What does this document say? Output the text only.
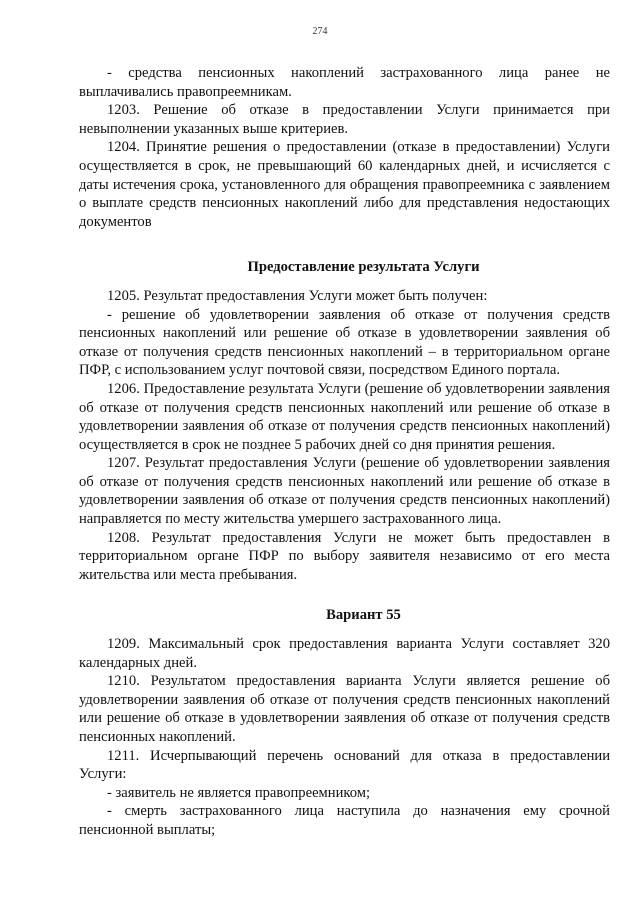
274

- средства пенсионных накоплений застрахованного лица ранее не выплачивались правопреемникам.

1203. Решение об отказе в предоставлении Услуги принимается при невыполнении указанных выше критериев.

1204. Принятие решения о предоставлении (отказе в предоставлении) Услуги осуществляется в срок, не превышающий 60 календарных дней, и исчисляется с даты истечения срока, установленного для обращения правопреемника с заявлением о выплате средств пенсионных накоплений либо для представления недостающих документов

Предоставление результата Услуги

1205. Результат предоставления Услуги может быть получен:

- решение об удовлетворении заявления об отказе от получения средств пенсионных накоплений или решение об отказе в удовлетворении заявления об отказе от получения средств пенсионных накоплений – в территориальном органе ПФР, с использованием услуг почтовой связи, посредством Единого портала.

1206. Предоставление результата Услуги (решение об удовлетворении заявления об отказе от получения средств пенсионных накоплений или решение об отказе в удовлетворении заявления об отказе от получения средств пенсионных накоплений) осуществляется в срок не позднее 5 рабочих дней со дня принятия решения.

1207. Результат предоставления Услуги (решение об удовлетворении заявления об отказе от получения средств пенсионных накоплений или решение об отказе в удовлетворении заявления об отказе от получения средств пенсионных накоплений) направляется по месту жительства умершего застрахованного лица.

1208. Результат предоставления Услуги не может быть предоставлен в территориальном органе ПФР по выбору заявителя независимо от его места жительства или места пребывания.

Вариант 55

1209. Максимальный срок предоставления варианта Услуги составляет 320 календарных дней.

1210. Результатом предоставления варианта Услуги является решение об удовлетворении заявления об отказе от получения средств пенсионных накоплений или решение об отказе в удовлетворении заявления об отказе от получения средств пенсионных накоплений.

1211. Исчерпывающий перечень оснований для отказа в предоставлении Услуги:

- заявитель не является правопреемником;

- смерть застрахованного лица наступила до назначения ему срочной пенсионной выплаты;
